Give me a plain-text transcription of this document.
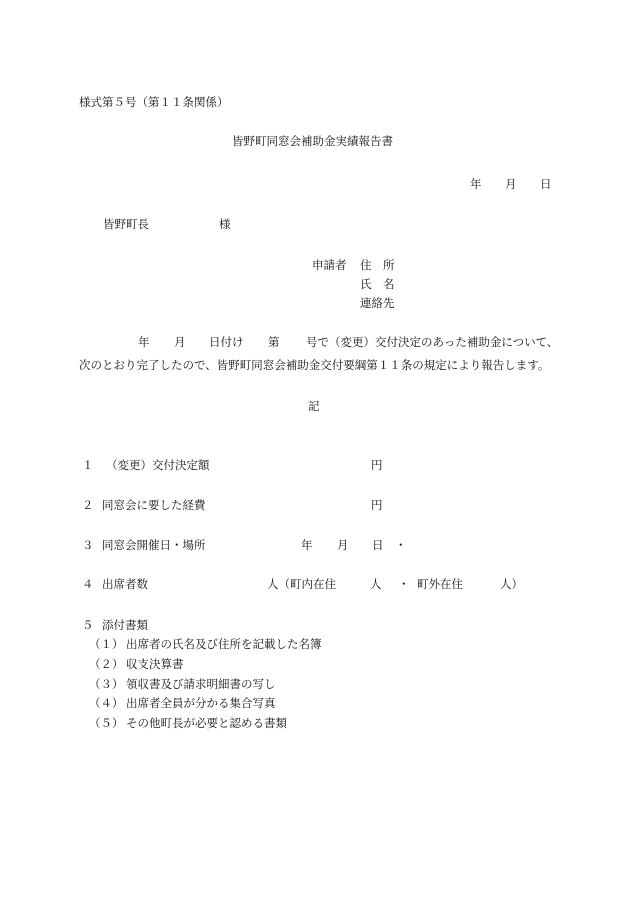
様式第５号（第１１条関係）
皆野町同窓会補助金実績報告書
年 月 日
皆野町長	様
申請者 住　所
氏　名
連絡先
年 月 日付け 第 号で（変更）交付決定のあった補助金について、
次のとおり完了したので、皆野町同窓会補助金交付要綱第１１条の規定により報告します。
記
１ （変更）交付決定額	円
２ 同窓会に要した経費	円
３ 同窓会開催日・場所	年 月 日 ・
４ 出席者数	人（町内在住	人 ・ 町外在住	人）
５ 添付書類
（１） 出席者の氏名及び住所を記載した名簿
（２） 収支決算書
（３） 領収書及び請求明細書の写し
（４） 出席者全員が分かる集合写真
（５） その他町長が必要と認める書類
